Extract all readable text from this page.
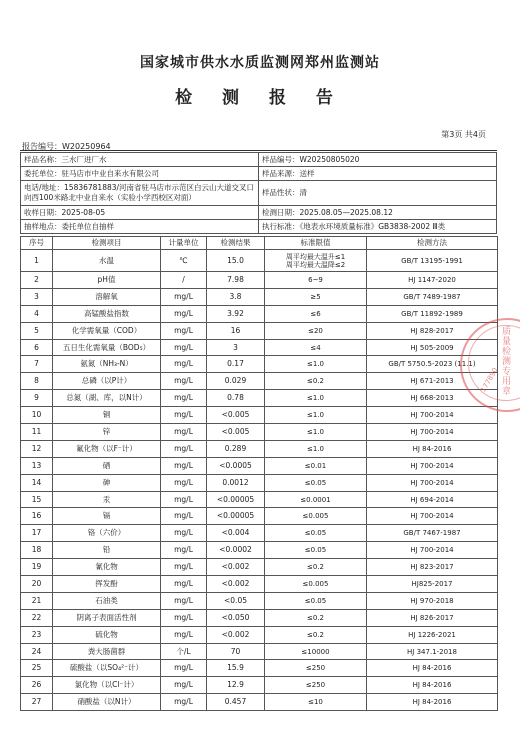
国家城市供水水质监测网郑州监测站
检 测 报 告
第3页 共4页
报告编号：W20250964
样品名称：三水厂进厂水	样品编号：W20250805020
委托单位：驻马店市中业自来水有限公司	样品来源：送样
电话/地址：15836781883/河南省驻马店市示范区白云山大道交叉口向西100米路北中业自来水（实验小学西校区对面）	样品性状：清
收样日期：2025-08-05	检测日期：2025.08.05—2025.08.12
抽样地点：委托单位自抽样	执行标准：《地表水环境质量标准》GB3838-2002 Ⅲ类
序号	检测项目	计量单位	检测结果	标准限值	检测方法
1	水温	℃	15.0	周平均最大温升≤1
周平均最大温降≤2	GB/T 13195-1991
2	pH值	/	7.98	6~9	HJ 1147-2020
3	溶解氧	mg/L	3.8	≥5	GB/T 7489-1987
4	高锰酸盐指数	mg/L	3.92	≤6	GB/T 11892-1989
5	化学需氧量（COD）	mg/L	16	≤20	HJ 828-2017
6	五日生化需氧量（BOD₅）	mg/L	3	≤4	HJ 505-2009
7	氨氮（NH₃-N）	mg/L	0.17	≤1.0	GB/T 5750.5-2023 (11.1)
8	总磷（以P计）	mg/L	0.029	≤0.2	HJ 671-2013
9	总氮（湖、库，以N计）	mg/L	0.78	≤1.0	HJ 668-2013
10	铜	mg/L	<0.005	≤1.0	HJ 700-2014
11	锌	mg/L	<0.005	≤1.0	HJ 700-2014
12	氟化物（以F⁻计）	mg/L	0.289	≤1.0	HJ 84-2016
13	硒	mg/L	<0.0005	≤0.01	HJ 700-2014
14	砷	mg/L	0.0012	≤0.05	HJ 700-2014
15	汞	mg/L	<0.00005	≤0.0001	HJ 694-2014
16	镉	mg/L	<0.00005	≤0.005	HJ 700-2014
17	铬（六价）	mg/L	<0.004	≤0.05	GB/T 7467-1987
18	铅	mg/L	<0.0002	≤0.05	HJ 700-2014
19	氰化物	mg/L	<0.002	≤0.2	HJ 823-2017
20	挥发酚	mg/L	<0.002	≤0.005	HJ825-2017
21	石油类	mg/L	<0.05	≤0.05	HJ 970-2018
22	阴离子表面活性剂	mg/L	<0.050	≤0.2	HJ 826-2017
23	硫化物	mg/L	<0.002	≤0.2	HJ 1226-2021
24	粪大肠菌群	个/L	70	≤10000	HJ 347.1-2018
25	硫酸盐（以SO₄²⁻计）	mg/L	15.9	≤250	HJ 84-2016
26	氯化物（以Cl⁻计）	mg/L	12.9	≤250	HJ 84-2016
27	硝酸盐（以N计）	mg/L	0.457	≤10	HJ 84-2016
质量检测专用章
177890
